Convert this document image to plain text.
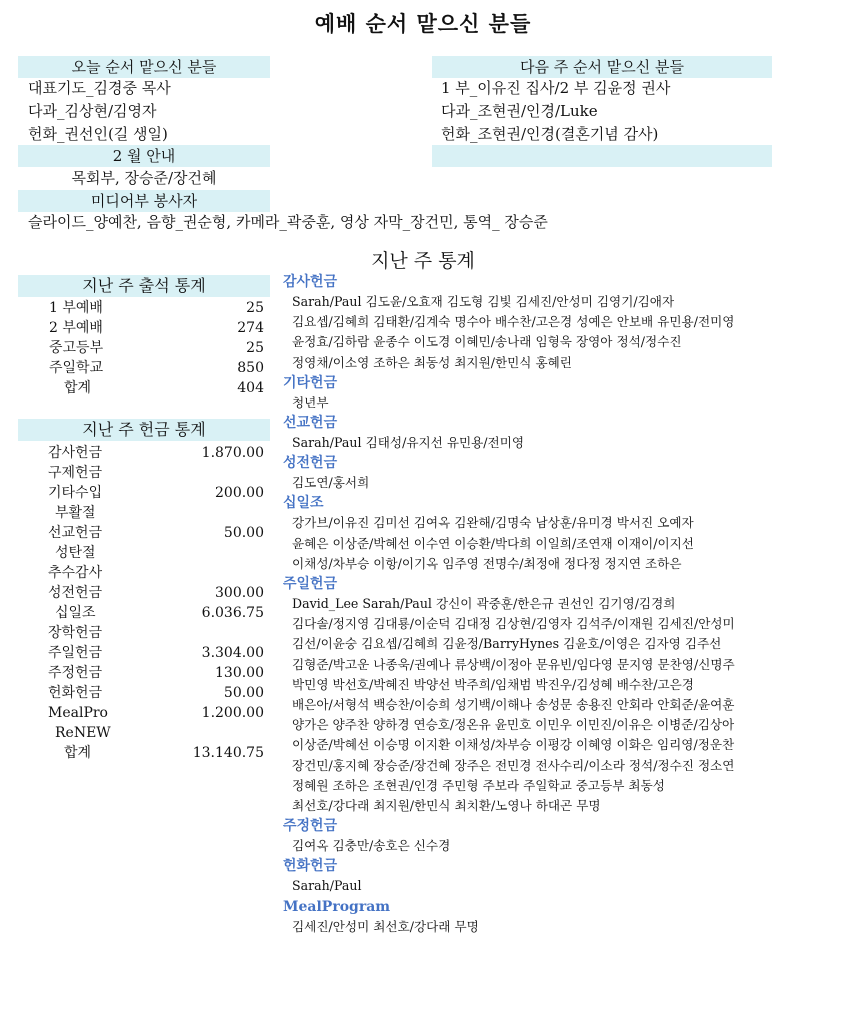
예배 순서 맡으신 분들
오늘 순서 맡으신 분들
대표기도_김경중 목사
다과_김상현/김영자
헌화_권선인(길 생일)
다음 주 순서 맡으신 분들
1 부_이유진 집사/2 부 김윤정 권사
다과_조현권/인경/Luke
헌화_조현권/인경(결혼기념 감사)
2 월 안내
목회부, 장승준/장건혜
미디어부 봉사자
슬라이드_양예찬, 음향_권순형, 카메라_곽중훈, 영상 자막_장건민, 통역_ 장승준
지난 주 통계
지난 주 출석 통계
1 부예배	25
2 부예배	274
중고등부	25
주일학교	850
합계	404
지난 주 헌금 통계
감사헌금	1.870.00
구제헌금
기타수입	200.00
부활절
선교헌금	50.00
성탄절
추수감사
성전헌금	300.00
십일조	6.036.75
장학헌금
주일헌금	3.304.00
주정헌금	130.00
헌화헌금	50.00
MealPro	1.200.00
ReNEW
합계	13.140.75
감사헌금
Sarah/Paul 김도윤/오효재 김도형 김빛 김세진/안성미 김영기/김애자
김요셉/김혜희 김태환/김계숙 명수아 배수찬/고은경 성예은 안보배 유민용/전미영
윤정효/김하람 윤종수 이도경 이혜민/송나래 임형욱 장영아 정석/정수진
정영채/이소영 조하은 최동성 최지원/한민식 홍혜린
기타헌금
청년부
선교헌금
Sarah/Paul 김태성/유지선 유민용/전미영
성전헌금
김도연/홍서희
십일조
강가브/이유진 김미선 김여옥 김완해/김명숙 남상훈/유미경 박서진 오예자
윤혜은 이상준/박혜선 이수연 이승환/박다희 이일희/조연재 이재이/이지선
이채성/차부승 이항/이기옥 임주영 전명수/최정애 정다정 정지연 조하은
주일헌금
David_Lee Sarah/Paul 강신이 곽중훈/한은규 권선인 김기영/김경희
김다솔/정지영 김대룡/이순덕 김대정 김상현/김영자 김석주/이재원 김세진/안성미
김선/이윤숭 김요셉/김혜희 김윤정/BarryHynes 김윤호/이영은 김자영 김주선
김형준/박고운 나종욱/권예나 류상백/이정아 문유빈/임다영 문지영 문찬영/신명주
박민영 박선호/박혜진 박양선 박주희/임채범 박진우/김성혜 배수찬/고은경
배은아/서형석 백승찬/이승희 성기백/이해나 송성문 송용진 안회라 안회준/윤여훈
양가은 양주찬 양하경 연승호/정온유 윤민호 이민우 이민진/이유은 이병준/김상아
이상준/박혜선 이승명 이지환 이채성/차부승 이평강 이혜영 이화은 임리영/정운찬
장건민/홍지혜 장승준/장건혜 장주은 전민경 전사수리/이소라 정석/정수진 정소연
정혜원 조하은 조현권/인경 주민형 주보라 주일학교 중고등부 최동성
최선호/강다래 최지원/한민식 최치환/노영나 하대곤 무명
주정헌금
김여옥 김충만/송호은 신수경
헌화헌금
Sarah/Paul
MealProgram
김세진/안성미 최선호/강다래 무명
